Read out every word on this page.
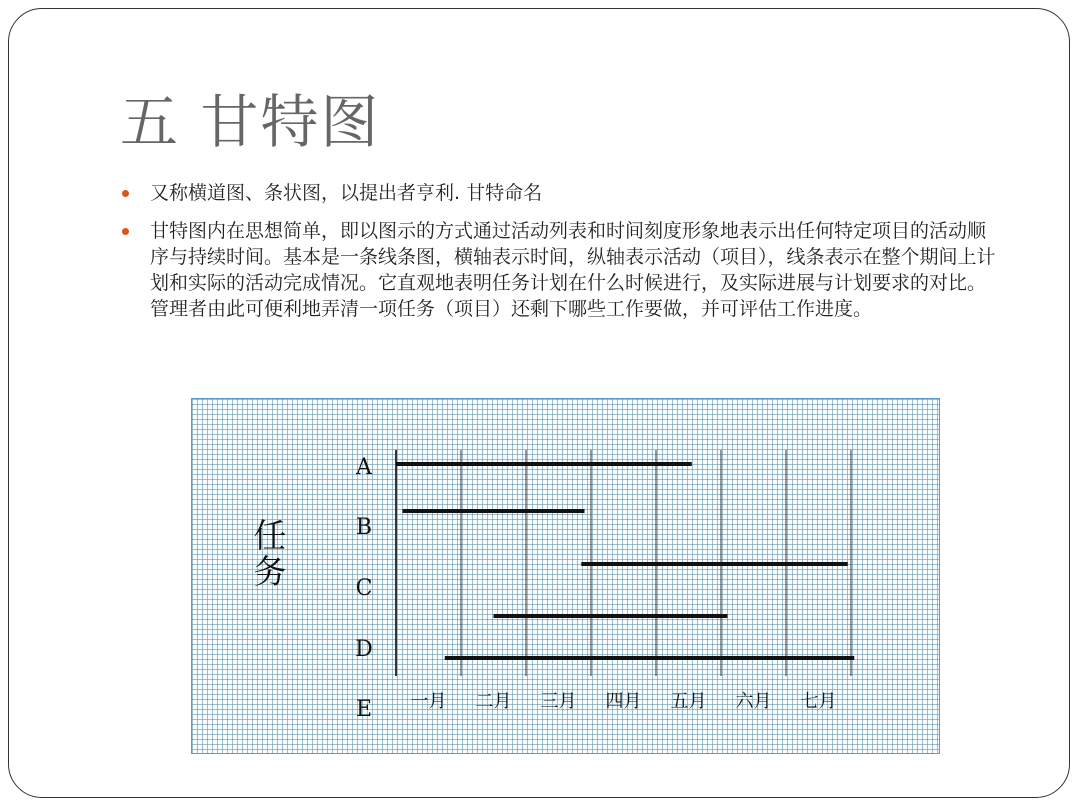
五 甘特图
又称横道图、条状图，以提出者亨利. 甘特命名
甘特图内在思想简单，即以图示的方式通过活动列表和时间刻度形象地表示出任何特定项目的活动顺序与持续时间。基本是一条线条图，横轴表示时间，纵轴表示活动（项目），线条表示在整个期间上计划和实际的活动完成情况。它直观地表明任务计划在什么时候进行，及实际进展与计划要求的对比。管理者由此可便利地弄清一项任务（项目）还剩下哪些工作要做，并可评估工作进度。
A
B
C
D
E 一月 二月 三月 四月 五月 六月 七月
任
务
